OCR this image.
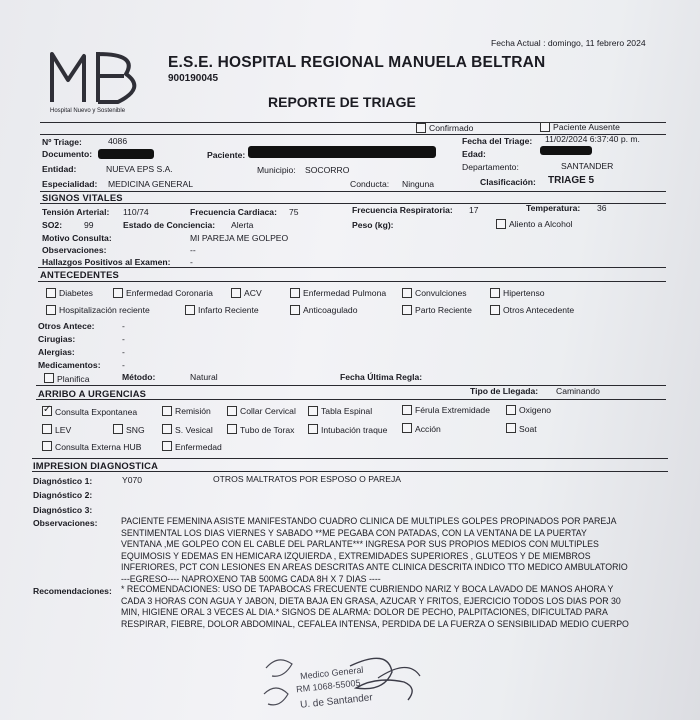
Fecha Actual : domingo, 11 febrero 2024
Hospital Nuevo y Sostenible
E.S.E. HOSPITAL REGIONAL MANUELA BELTRAN
900190045
REPORTE DE TRIAGE
Confirmado	Paciente Ausente
Nº Triage:	4086	Fecha del Triage: 11/02/2024 6:37:40 p. m.
Documento:	Paciente:	Edad:
Entidad:	NUEVA EPS S.A.	Municipio: SOCORRO	Departamento:	SANTANDER
Especialidad: MEDICINA GENERAL	Conducta: Ninguna	Clasificación: TRIAGE 5
SIGNOS VITALES
Tensión Arterial: 110/74	Frecuencia Cardiaca: 75	Frecuencia Respiratoria: 17	Temperatura: 36
SO2:	99	Estado de Conciencia: Alerta	Peso (kg):	Aliento a Alcohol
Motivo Consulta:	MI PAREJA ME GOLPEO
Observaciones:	--
Hallazgos Positivos al Examen: -
ANTECEDENTES
Diabetes	Enfermedad Coronaria	ACV	Enfermedad Pulmona	Convulciones	Hipertenso
Hospitalización reciente	Infarto Reciente	Anticoagulado	Parto Reciente	Otros Antecedente
Otros Antece:	-
Cirugias:	-
Alergias:	-
Medicamentos: -
Planifica	Método:	Natural	Fecha Última Regla:
ARRIBO A URGENCIAS	Tipo de Llegada: Caminando
✓
Consulta Expontanea	Remisión	Collar Cervical	Tabla Espinal	Férula Extremidade	Oxigeno
LEV	SNG	S. Vesical	Tubo de Torax	Intubación traque	Acción	Soat
Consulta Externa HUB	Enfermedad
IMPRESION DIAGNOSTICA
Diagnóstico 1:	Y070	OTROS MALTRATOS POR ESPOSO O PAREJA
Diagnóstico 2:
Diagnóstico 3:
Observaciones:	PACIENTE FEMENINA ASISTE MANIFESTANDO CUADRO CLINICA DE MULTIPLES GOLPES PROPINADOS POR PAREJA
SENTIMENTAL LOS DIAS VIERNES Y SABADO **ME PEGABA CON PATADAS, CON LA VENTANA DE LA PUERTAY
VENTANA ,ME GOLPEO CON EL CABLE DEL PARLANTE*** INGRESA POR SUS PROPIOS MEDIOS CON MULTIPLES
EQUIMOSIS Y EDEMAS EN HEMICARA IZQUIERDA , EXTREMIDADES SUPERIORES , GLUTEOS Y DE MIEMBROS
INFERIORES, PCT CON LESIONES EN AREAS DESCRITAS ANTE CLINICA DESCRITA INDICO TTO MEDICO AMBULATORIO
---EGRESO---- NAPROXENO TAB 500MG CADA 8H X 7 DIAS ----
Recomendaciones: * RECOMENDACIONES: USO DE TAPABOCAS FRECUENTE CUBRIENDO NARIZ Y BOCA LAVADO DE MANOS AHORA Y
CADA 3 HORAS CON AGUA Y JABON, DIETA BAJA EN GRASA, AZUCAR Y FRITOS, EJERCICIO TODOS LOS DIAS POR 30
MIN, HIGIENE ORAL 3 VECES AL DIA.* SIGNOS DE ALARMA: DOLOR DE PECHO, PALPITACIONES, DIFICULTAD PARA
RESPIRAR, FIEBRE, DOLOR ABDOMINAL, CEFALEA INTENSA, PERDIDA DE LA FUERZA O SENSIBILIDAD MEDIO CUERPO
Medico General
RM 1068-55005
U. de Santander
